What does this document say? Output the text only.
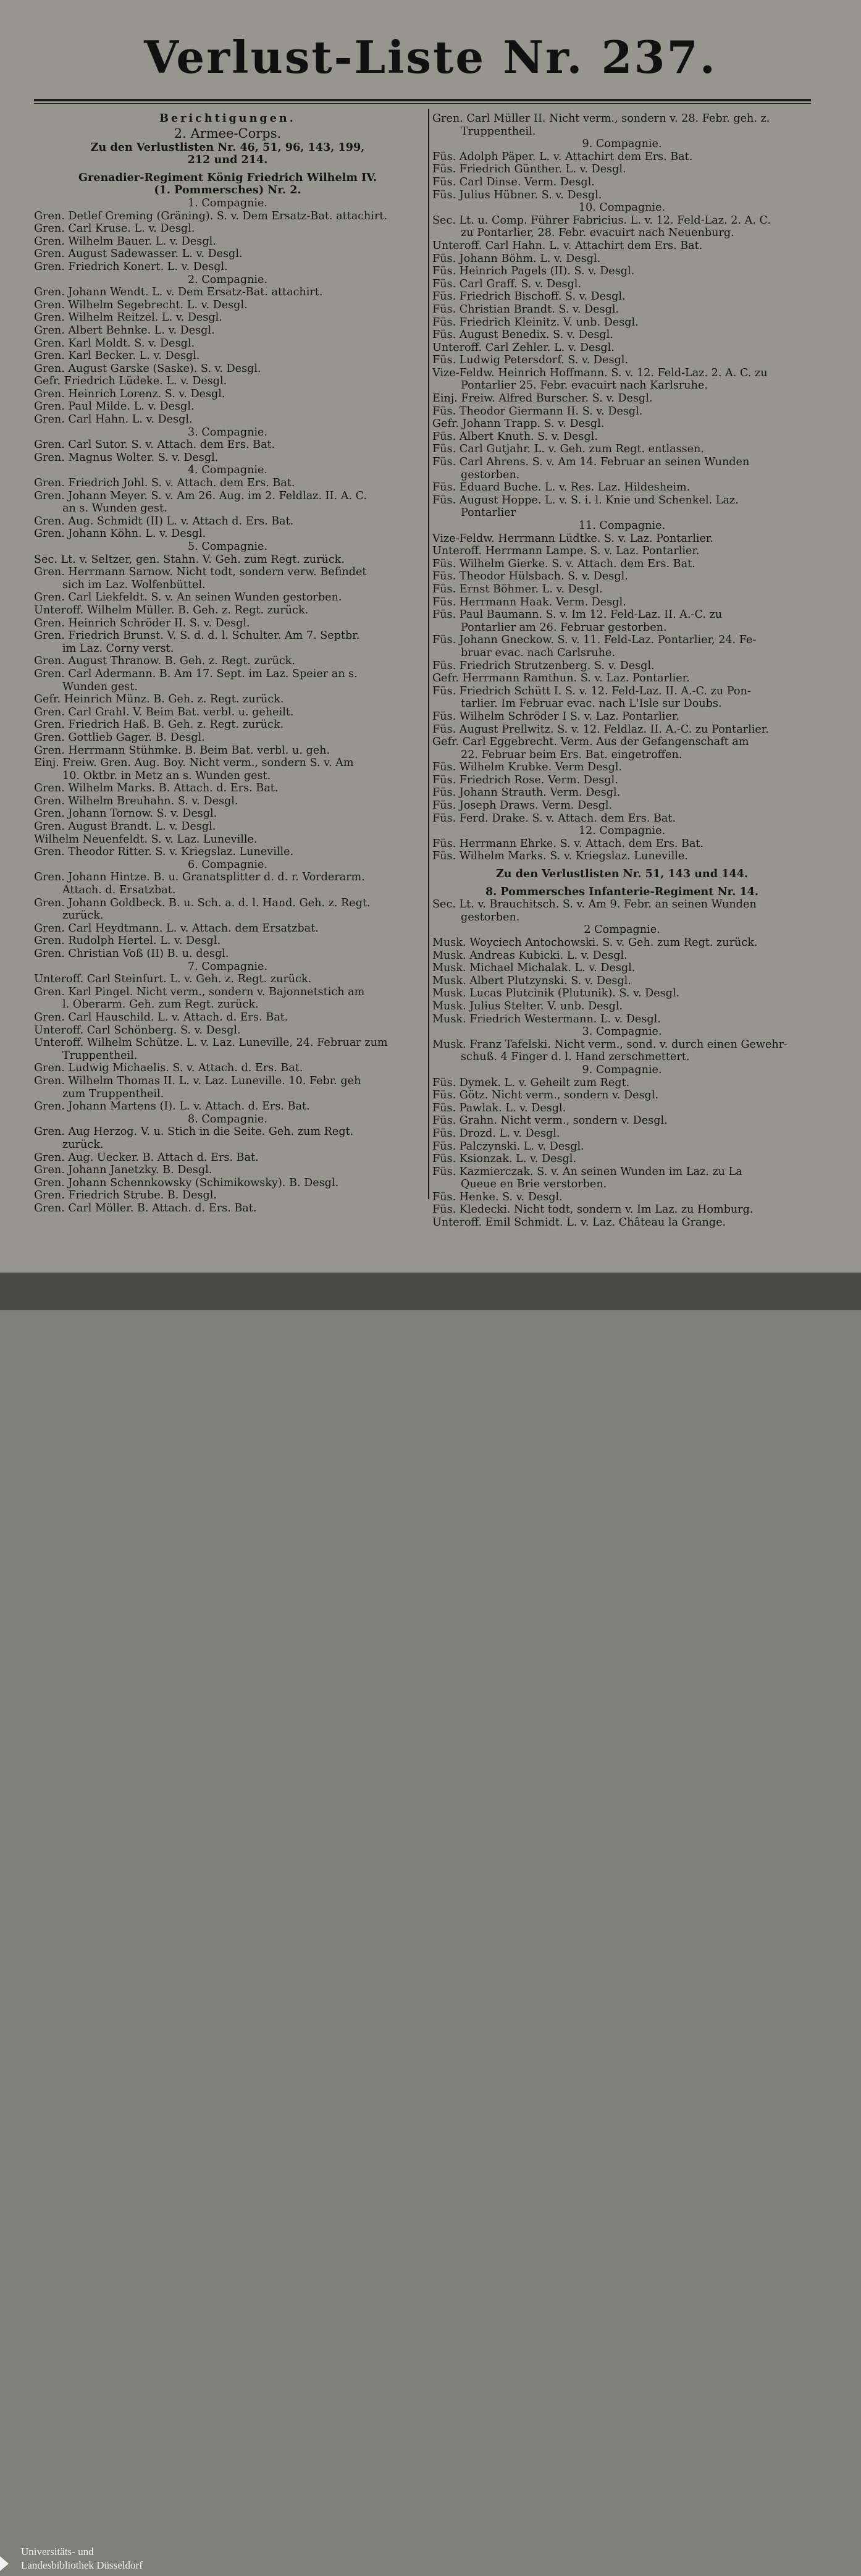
Verlust-Liste Nr. 237.
Berichtigungen.
2. Armee-Corps.
Zu den Verlustlisten Nr. 46, 51, 96, 143, 199,
212 und 214.
Grenadier-Regiment König Friedrich Wilhelm IV.
(1. Pommersches) Nr. 2.
1. Compagnie.
Gren. Detlef Greming (Gräning). S. v. Dem Ersatz-Bat. attachirt.
Gren. Carl Kruse. L. v. Desgl.
Gren. Wilhelm Bauer. L. v. Desgl.
Gren. August Sadewasser. L. v. Desgl.
Gren. Friedrich Konert. L. v. Desgl.
2. Compagnie.
Gren. Johann Wendt. L. v. Dem Ersatz-Bat. attachirt.
Gren. Wilhelm Segebrecht. L. v. Desgl.
Gren. Wilhelm Reitzel. L. v. Desgl.
Gren. Albert Behnke. L. v. Desgl.
Gren. Karl Moldt. S. v. Desgl.
Gren. Karl Becker. L. v. Desgl.
Gren. August Garske (Saske). S. v. Desgl.
Gefr. Friedrich Lüdeke. L. v. Desgl.
Gren. Heinrich Lorenz. S. v. Desgl.
Gren. Paul Milde. L. v. Desgl.
Gren. Carl Hahn. L. v. Desgl.
3. Compagnie.
Gren. Carl Sutor. S. v. Attach. dem Ers. Bat.
Gren. Magnus Wolter. S. v. Desgl.
4. Compagnie.
Gren. Friedrich Johl. S. v. Attach. dem Ers. Bat.
Gren. Johann Meyer. S. v. Am 26. Aug. im 2. Feldlaz. II. A. C.
an s. Wunden gest.
Gren. Aug. Schmidt (II) L. v. Attach d. Ers. Bat.
Gren. Johann Köhn. L. v. Desgl.
5. Compagnie.
Sec. Lt. v. Seltzer, gen. Stahn. V. Geh. zum Regt. zurück.
Gren. Herrmann Sarnow. Nicht todt, sondern verw. Befindet
sich im Laz. Wolfenbüttel.
Gren. Carl Liekfeldt. S. v. An seinen Wunden gestorben.
Unteroff. Wilhelm Müller. B. Geh. z. Regt. zurück.
Gren. Heinrich Schröder II. S. v. Desgl.
Gren. Friedrich Brunst. V. S. d. d. l. Schulter. Am 7. Septbr.
im Laz. Corny verst.
Gren. August Thranow. B. Geh. z. Regt. zurück.
Gren. Carl Adermann. B. Am 17. Sept. im Laz. Speier an s.
Wunden gest.
Gefr. Heinrich Münz. B. Geh. z. Regt. zurück.
Gren. Carl Grahl. V. Beim Bat. verbl. u. geheilt.
Gren. Friedrich Haß. B. Geh. z. Regt. zurück.
Gren. Gottlieb Gager. B. Desgl.
Gren. Herrmann Stühmke. B. Beim Bat. verbl. u. geh.
Einj. Freiw. Gren. Aug. Boy. Nicht verm., sondern S. v. Am
10. Oktbr. in Metz an s. Wunden gest.
Gren. Wilhelm Marks. B. Attach. d. Ers. Bat.
Gren. Wilhelm Breuhahn. S. v. Desgl.
Gren. Johann Tornow. S. v. Desgl.
Gren. August Brandt. L. v. Desgl.
Wilhelm Neuenfeldt. S. v. Laz. Luneville.
Gren. Theodor Ritter. S. v. Kriegslaz. Luneville.
6. Compagnie.
Gren. Johann Hintze. B. u. Granatsplitter d. d. r. Vorderarm.
Attach. d. Ersatzbat.
Gren. Johann Goldbeck. B. u. Sch. a. d. l. Hand. Geh. z. Regt.
zurück.
Gren. Carl Heydtmann. L. v. Attach. dem Ersatzbat.
Gren. Rudolph Hertel. L. v. Desgl.
Gren. Christian Voß (II) B. u. desgl.
7. Compagnie.
Unteroff. Carl Steinfurt. L. v. Geh. z. Regt. zurück.
Gren. Karl Pingel. Nicht verm., sondern v. Bajonnetstich am
l. Oberarm. Geh. zum Regt. zurück.
Gren. Carl Hauschild. L. v. Attach. d. Ers. Bat.
Unteroff. Carl Schönberg. S. v. Desgl.
Unteroff. Wilhelm Schütze. L. v. Laz. Luneville, 24. Februar zum
Truppentheil.
Gren. Ludwig Michaelis. S. v. Attach. d. Ers. Bat.
Gren. Wilhelm Thomas II. L. v. Laz. Luneville. 10. Febr. geh
zum Truppentheil.
Gren. Johann Martens (I). L. v. Attach. d. Ers. Bat.
8. Compagnie.
Gren. Aug Herzog. V. u. Stich in die Seite. Geh. zum Regt.
zurück.
Gren. Aug. Uecker. B. Attach d. Ers. Bat.
Gren. Johann Janetzky. B. Desgl.
Gren. Johann Schennkowsky (Schimikowsky). B. Desgl.
Gren. Friedrich Strube. B. Desgl.
Gren. Carl Möller. B. Attach. d. Ers. Bat.
Gren. Carl Müller II. Nicht verm., sondern v. 28. Febr. geh. z.
Truppentheil.
9. Compagnie.
Füs. Adolph Päper. L. v. Attachirt dem Ers. Bat.
Füs. Friedrich Günther. L. v. Desgl.
Füs. Carl Dinse. Verm. Desgl.
Füs. Julius Hübner. S. v. Desgl.
10. Compagnie.
Sec. Lt. u. Comp. Führer Fabricius. L. v. 12. Feld-Laz. 2. A. C.
zu Pontarlier, 28. Febr. evacuirt nach Neuenburg.
Unteroff. Carl Hahn. L. v. Attachirt dem Ers. Bat.
Füs. Johann Böhm. L. v. Desgl.
Füs. Heinrich Pagels (II). S. v. Desgl.
Füs. Carl Graff. S. v. Desgl.
Füs. Friedrich Bischoff. S. v. Desgl.
Füs. Christian Brandt. S. v. Desgl.
Füs. Friedrich Kleinitz. V. unb. Desgl.
Füs. August Benedix. S. v. Desgl.
Unteroff. Carl Zehler. L. v. Desgl.
Füs. Ludwig Petersdorf. S. v. Desgl.
Vize-Feldw. Heinrich Hoffmann. S. v. 12. Feld-Laz. 2. A. C. zu
Pontarlier 25. Febr. evacuirt nach Karlsruhe.
Einj. Freiw. Alfred Burscher. S. v. Desgl.
Füs. Theodor Giermann II. S. v. Desgl.
Gefr. Johann Trapp. S. v. Desgl.
Füs. Albert Knuth. S. v. Desgl.
Füs. Carl Gutjahr. L. v. Geh. zum Regt. entlassen.
Füs. Carl Ahrens. S. v. Am 14. Februar an seinen Wunden
gestorben.
Füs. Eduard Buche. L. v. Res. Laz. Hildesheim.
Füs. August Hoppe. L. v. S. i. l. Knie und Schenkel. Laz.
Pontarlier
11. Compagnie.
Vize-Feldw. Herrmann Lüdtke. S. v. Laz. Pontarlier.
Unteroff. Herrmann Lampe. S. v. Laz. Pontarlier.
Füs. Wilhelm Gierke. S. v. Attach. dem Ers. Bat.
Füs. Theodor Hülsbach. S. v. Desgl.
Füs. Ernst Böhmer. L. v. Desgl.
Füs. Herrmann Haak. Verm. Desgl.
Füs. Paul Baumann. S. v. Im 12. Feld-Laz. II. A.-C. zu
Pontarlier am 26. Februar gestorben.
Füs. Johann Gneckow. S. v. 11. Feld-Laz. Pontarlier, 24. Fe-
bruar evac. nach Carlsruhe.
Füs. Friedrich Strutzenberg. S. v. Desgl.
Gefr. Herrmann Ramthun. S. v. Laz. Pontarlier.
Füs. Friedrich Schütt I. S. v. 12. Feld-Laz. II. A.-C. zu Pon-
tarlier. Im Februar evac. nach L'Isle sur Doubs.
Füs. Wilhelm Schröder I S. v. Laz. Pontarlier.
Füs. August Prellwitz. S. v. 12. Feldlaz. II. A.-C. zu Pontarlier.
Gefr. Carl Eggebrecht. Verm. Aus der Gefangenschaft am
22. Februar beim Ers. Bat. eingetroffen.
Füs. Wilhelm Krubke. Verm Desgl.
Füs. Friedrich Rose. Verm. Desgl.
Füs. Johann Strauth. Verm. Desgl.
Füs. Joseph Draws. Verm. Desgl.
Füs. Ferd. Drake. S. v. Attach. dem Ers. Bat.
12. Compagnie.
Füs. Herrmann Ehrke. S. v. Attach. dem Ers. Bat.
Füs. Wilhelm Marks. S. v. Kriegslaz. Luneville.
Zu den Verlustlisten Nr. 51, 143 und 144.
8. Pommersches Infanterie-Regiment Nr. 14.
Sec. Lt. v. Brauchitsch. S. v. Am 9. Febr. an seinen Wunden
gestorben.
2 Compagnie.
Musk. Woyciech Antochowski. S. v. Geh. zum Regt. zurück.
Musk. Andreas Kubicki. L. v. Desgl.
Musk. Michael Michalak. L. v. Desgl.
Musk. Albert Plutzynski. S. v. Desgl.
Musk. Lucas Plutcinik (Plutunik). S. v. Desgl.
Musk. Julius Stelter. V. unb. Desgl.
Musk. Friedrich Westermann. L. v. Desgl.
3. Compagnie.
Musk. Franz Tafelski. Nicht verm., sond. v. durch einen Gewehr-
schuß. 4 Finger d. l. Hand zerschmettert.
9. Compagnie.
Füs. Dymek. L. v. Geheilt zum Regt.
Füs. Götz. Nicht verm., sondern v. Desgl.
Füs. Pawlak. L. v. Desgl.
Füs. Grahn. Nicht verm., sondern v. Desgl.
Füs. Drozd. L. v. Desgl.
Füs. Palczynski. L. v. Desgl.
Füs. Ksionzak. L. v. Desgl.
Füs. Kazmierczak. S. v. An seinen Wunden im Laz. zu La
Queue en Brie verstorben.
Füs. Henke. S. v. Desgl.
Füs. Kledecki. Nicht todt, sondern v. Im Laz. zu Homburg.
Unteroff. Emil Schmidt. L. v. Laz. Château la Grange.
Universitäts- und
Landesbibliothek Düsseldorf
